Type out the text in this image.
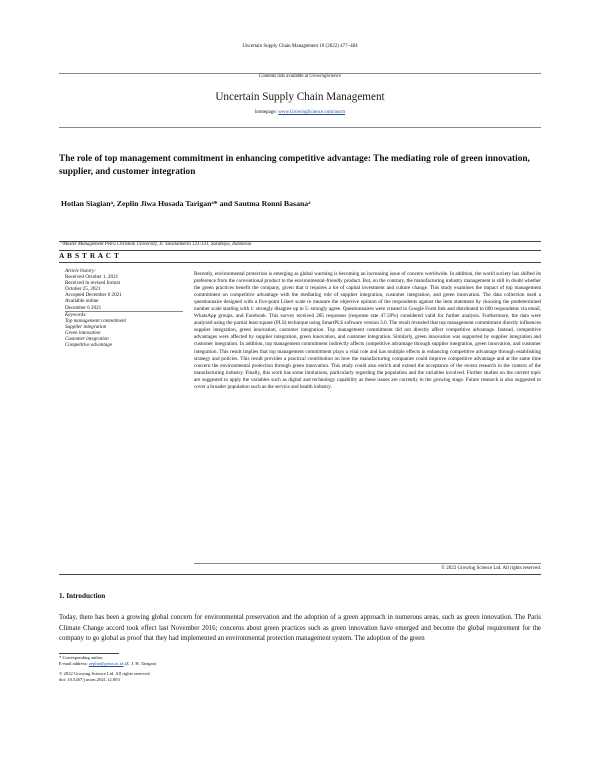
Uncertain Supply Chain Management 10 (2022) 477–484
Contents lists available at GrowingScience
Uncertain Supply Chain Management
homepage: www.GrowingScience.com/uscm
The role of top management commitment in enhancing competitive advantage: The mediating role of green innovation, supplier, and customer integration
Hotlan Siagianᵃ, Zeplin Jiwa Husada Tariganᵃ* and Sautma Ronni Basanaᵃ
ᵃMaster Management Petra Christian University, Jl. Siwalankerto 121-131, Surabaya, Indonesia
A B S T R A C T
Article history:
Received October 1, 2021
Received in revised format
October 25, 2021
Accepted December 6 2021
Available online
December 6 2021
Keywords:
Top management commitment
Supplier integration
Green innovation
Customer integration
Competitive advantage
Recently, environmental protection is emerging as global warming is becoming an increasing issue of concern worldwide. In addition, the world society has shifted its preference from the conventional product to the environmental-friendly product. But, on the contrary, the manufacturing industry management is still in doubt whether the green practices benefit the company, given that it requires a lot of capital investment and culture change. This study examines the impact of top management commitment on competitive advantage with the mediating role of supplier integration, customer integration, and green innovation. The data collection used a questionnaire designed with a five-point Likert scale to measure the objective opinion of the respondents against the item statement by choosing the predetermined number scale starting with 1: strongly disagree up to 5: strongly agree. Questionnaires were created in Google Form link and distributed to 600 respondents via email, WhatsApp groups, and Facebook. This survey received 285 responses (response rate 47.50%) considered valid for further analysis. Furthermore, the data were analyzed using the partial least square (PLS) technique using SmartPLS software version 3.0. The result revealed that top management commitment directly influences supplier integration, green innovation, customer integration. Top management commitment did not directly affect competitive advantage. Instead, competitive advantages were affected by supplier integration, green innovation, and customer integration. Similarly, green innovation was supported by supplier integration and customer integration. In addition, top management commitment indirectly affects competitive advantage through supplier integration, green innovation, and customer integration. This result implies that top management commitment plays a vital role and has multiple effects in enhancing competitive advantage through establishing strategy and policies. This result provides a practical contribution on how the manufacturing companies could improve competitive advantage and at the same time concern the environmental protection through green innovation. This study could also enrich and extend the acceptance of the recent research in the context of the manufacturing industry. Finally, this work has some limitations, particularly regarding the population and the variables involved. Further studies on the current topic are suggested to apply the variables such as digital and technology capability as these issues are currently in the growing stage. Future research is also suggested to cover a broader population such as the service and health industry.
© 2022 Growing Science Ltd. All rights reserved.
1. Introduction
Today, there has been a growing global concern for environmental preservation and the adoption of a green approach in numerous areas, such as green innovation. The Paris Climate Change accord took effect last November 2016; concerns about green practices such as green innovation have emerged and become the global requirement for the company to go global as proof that they had implemented an environmental protection management system. The adoption of the green
* Corresponding author
E-mail address: zeplin@petra.ac.id (Z. J. H. Tarigan)
© 2022 Growing Science Ltd. All rights reserved.
doi: 10.5267/j.uscm.2021.12.003
